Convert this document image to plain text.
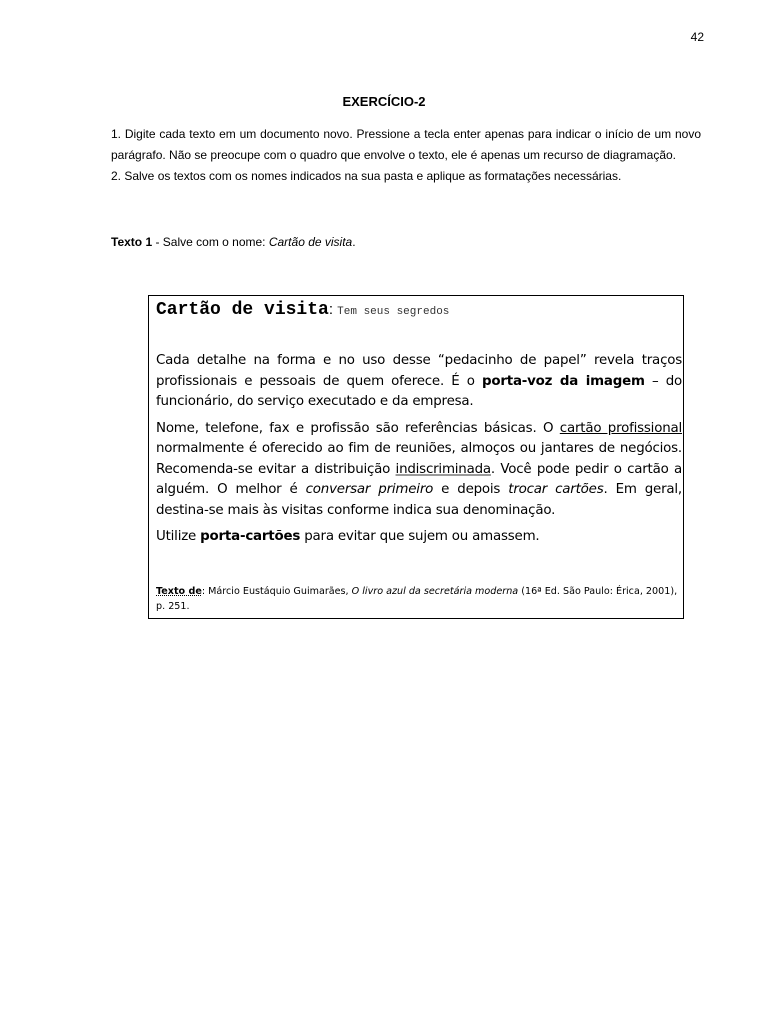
42
EXERCÍCIO-2

1. Digite cada texto em um documento novo. Pressione a tecla enter apenas para indicar o início de um novo parágrafo. Não se preocupe com o quadro que envolve o texto, ele é apenas um recurso de diagramação.

2. Salve os textos com os nomes indicados na sua pasta e aplique as formatações necessárias.

Texto 1 - Salve com o nome: Cartão de visita.
Cartão de visita: Tem seus segredos

Cada detalhe na forma e no uso desse “pedacinho de papel” revela traços profissionais e pessoais de quem oferece. É o porta-voz da imagem – do funcionário, do serviço executado e da empresa.

Nome, telefone, fax e profissão são referências básicas. O cartão profissional normalmente é oferecido ao fim de reuniões, almoços ou jantares de negócios. Recomenda-se evitar a distribuição indiscriminada. Você pode pedir o cartão a alguém. O melhor é conversar primeiro e depois trocar cartões. Em geral, destina-se mais às visitas conforme indica sua denominação.

Utilize porta-cartões para evitar que sujem ou amassem.

Texto de: Márcio Eustáquio Guimarães, O livro azul da secretária moderna (16ª Ed. São Paulo: Érica, 2001), p. 251.
